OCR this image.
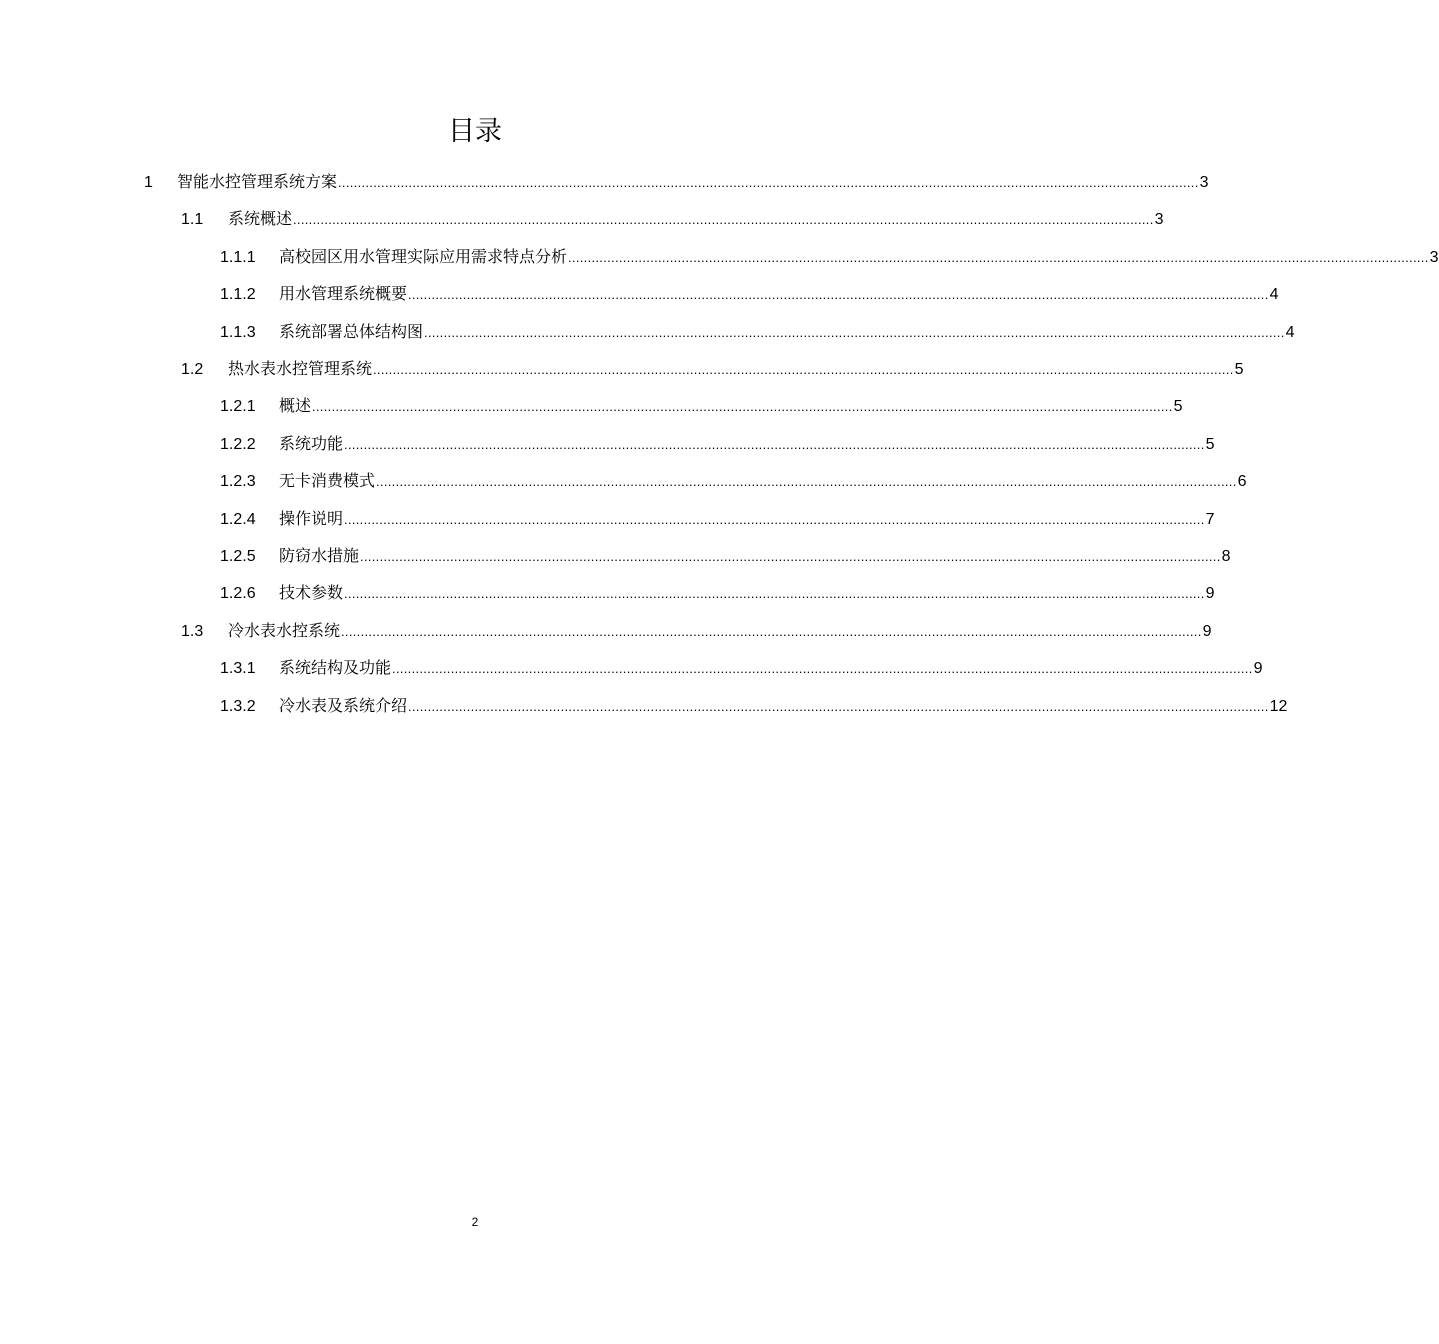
目录
1 智能水控管理系统方案 ............................................................................................................................................................................................................................ 3
1.1 系统概述 ............................................................................................................................................................................................................................ 3
1.1.1 高校园区用水管理实际应用需求特点分析 ............................................................................................................................................................................................................................ 3
1.1.2 用水管理系统概要 ............................................................................................................................................................................................................................ 4
1.1.3 系统部署总体结构图 ............................................................................................................................................................................................................................ 4
1.2 热水表水控管理系统 ............................................................................................................................................................................................................................ 5
1.2.1 概述 ............................................................................................................................................................................................................................ 5
1.2.2 系统功能 ............................................................................................................................................................................................................................ 5
1.2.3 无卡消费模式 ............................................................................................................................................................................................................................ 6
1.2.4 操作说明 ............................................................................................................................................................................................................................ 7
1.2.5 防窃水措施 ............................................................................................................................................................................................................................ 8
1.2.6 技术参数 ............................................................................................................................................................................................................................ 9
1.3 冷水表水控系统 ............................................................................................................................................................................................................................ 9
1.3.1 系统结构及功能 ............................................................................................................................................................................................................................ 9
1.3.2 冷水表及系统介绍 ............................................................................................................................................................................................................................ 12
2
